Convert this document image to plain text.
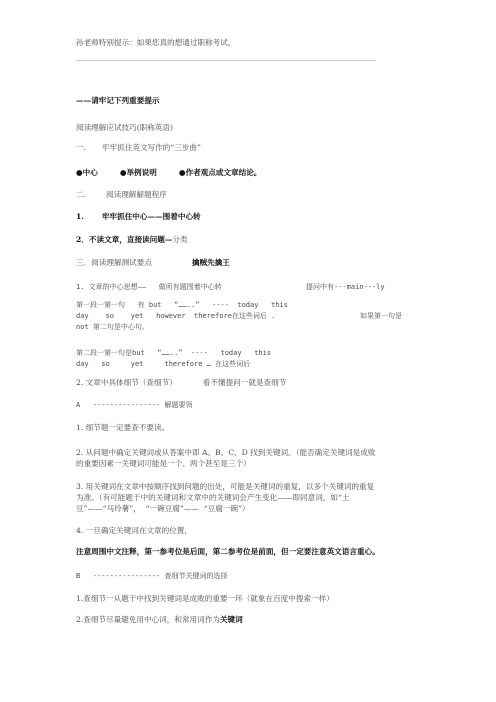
孙老师特别提示：如果您真的想通过职称考试，
——请牢记下列重要提示
阅读理解应试技巧(职称英语)
一. 牢牢抓住英文写作的“三步曲”
●中心	●举例说明	●作者观点或文章结论。
二.	阅读理解解题程序
1. 牢牢抓住中心——围着中心转
2．不读文章，直接读问题—分类
三．阅读理解测试要点	擒贼先擒王
1. 文章的中心思想——   做所有题围着中心转	提问中有---main---ly
第一段一第一句   有 but   “……..”   ----  today   this
day    so    yet   however  therefore在这些词后 .	如果第一句是
not 第二句是中心句。
第二段一第一句是but   “……..”  ----   today   this
day   so     yet     therefore … 在这些词后
2. 文章中具体细节（查细节）	看不懂提问一就是查细节
A   ---------------- 解题要领
1. 细节题一定要查不要读。
2. 从问题中确定关键词或从答案中即 A、B、C、D 找到关键词。（能否确定关键词是成败
的重要因素一关键词可能是一个、两个甚至是三个）
3. 用关键词在文章中按顺序找到问题的出处，可能是关键词的重复，以多个关键词的重复
为准。（有可能题干中的关键词和文章中的关键词会产生变化——即同意词，如“土
豆”——“马玲薯”，  “一碗豆腐”——  “豆腐一碗”）
4. 一旦确定关键词在文章的位置，
注意周围中文注释，第一参考位是后面，第二参考位是前面，但一定要注意英文语言重心。
B   ---------------- 查细节关键词的选择
1.查细节一从题干中找到关键词是成败的重要一环（就象在百度中搜索一样）
2.查细节尽量避免用中心词，和常用词作为关键词
